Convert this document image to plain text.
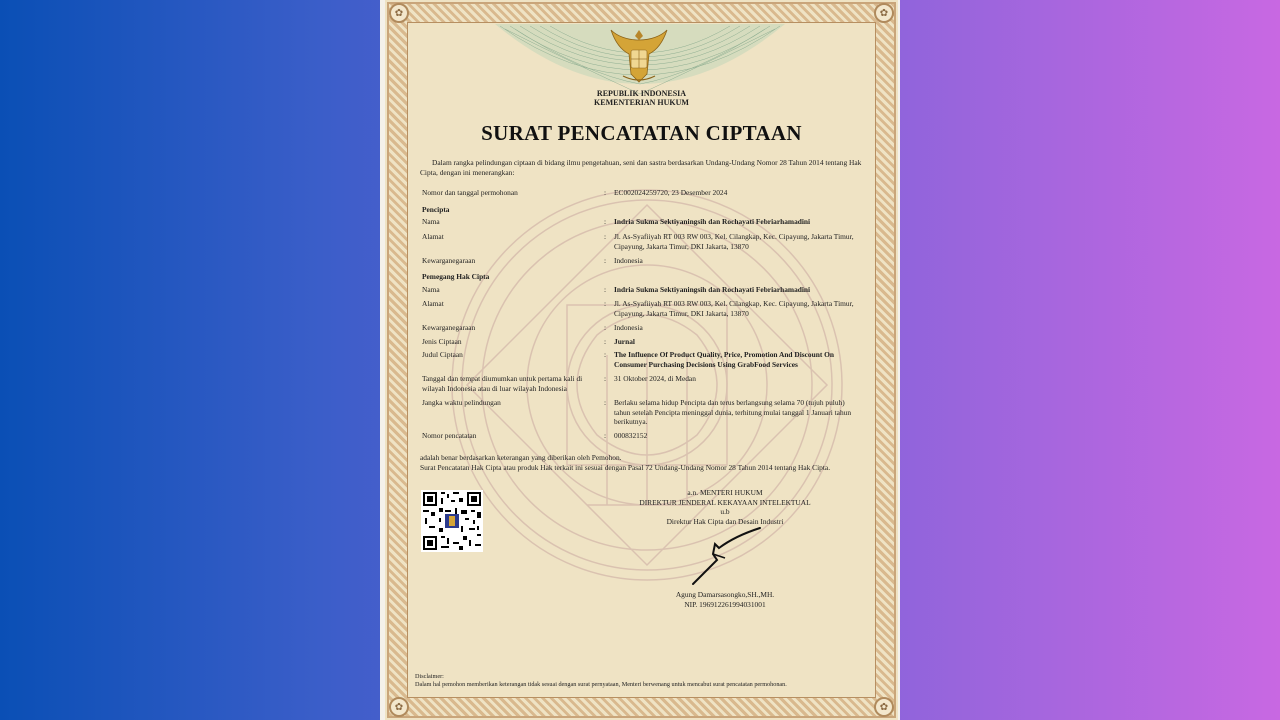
✿	✿
✿	✿
REPUBLIK INDONESIA
KEMENTERIAN HUKUM
SURAT PENCATATAN CIPTAAN
Dalam rangka pelindungan ciptaan di bidang ilmu pengetahuan, seni dan sastra berdasarkan Undang-Undang Nomor 28 Tahun 2014 tentang Hak Cipta, dengan ini menerangkan:
Nomor dan tanggal permohonan	: EC002024259720, 23 Desember 2024
Pencipta
Nama	: Indria Sukma Sektiyaningsih dan Rochayati Febriarhamadini
Alamat	: Jl. As-Syafiiyah RT 003 RW 003, Kel. Cilangkap, Kec. Cipayung, Jakarta Timur, Cipayung, Jakarta Timur, DKI Jakarta, 13870
Kewarganegaraan	: Indonesia
Pemegang Hak Cipta
Nama	: Indria Sukma Sektiyaningsih dan Rochayati Febriarhamadini
Alamat	: Jl. As-Syafiiyah RT 003 RW 003, Kel. Cilangkap, Kec. Cipayung, Jakarta Timur, Cipayung, Jakarta Timur, DKI Jakarta, 13870
Kewarganegaraan	: Indonesia
Jenis Ciptaan	: Jurnal
Judul Ciptaan	: The Influence Of Product Quality, Price, Promotion And Discount On Consumer Purchasing Decisions Using GrabFood Services
Tanggal dan tempat diumumkan untuk pertama kali di wilayah Indonesia atau di luar wilayah Indonesia
: 31 Oktober 2024, di Medan
Jangka waktu pelindungan	: Berlaku selama hidup Pencipta dan terus berlangsung selama 70 (tujuh puluh) tahun setelah Pencipta meninggal dunia, terhitung mulai tanggal 1 Januari tahun berikutnya.
Nomor pencatatan	: 000832152
adalah benar berdasarkan keterangan yang diberikan oleh Pemohon.
Surat Pencatatan Hak Cipta atau produk Hak terkait ini sesuai dengan Pasal 72 Undang-Undang Nomor 28 Tahun 2014 tentang Hak Cipta.
a.n. MENTERI HUKUM
DIREKTUR JENDERAL KEKAYAAN INTELEKTUAL
u.b
Direktur Hak Cipta dan Desain Industri
Agung Damarsasongko,SH.,MH.
NIP. 196912261994031001
Disclaimer:
Dalam hal pemohon memberikan keterangan tidak sesuai dengan surat pernyataan, Menteri berwenang untuk mencabut surat pencatatan permohonan.
